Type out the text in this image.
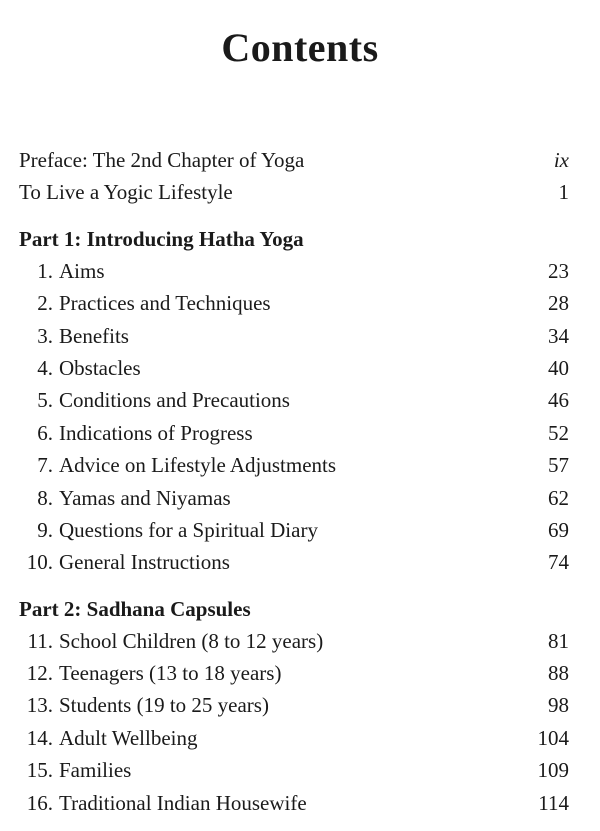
Contents
Preface: The 2nd Chapter of Yoga	ix
To Live a Yogic Lifestyle	1
Part 1: Introducing Hatha Yoga
1. Aims	23
2. Practices and Techniques	28
3. Benefits	34
4. Obstacles	40
5. Conditions and Precautions	46
6. Indications of Progress	52
7. Advice on Lifestyle Adjustments	57
8. Yamas and Niyamas	62
9. Questions for a Spiritual Diary	69
10. General Instructions	74
Part 2: Sadhana Capsules
11. School Children (8 to 12 years)	81
12. Teenagers (13 to 18 years)	88
13. Students (19 to 25 years)	98
14. Adult Wellbeing	104
15. Families	109
16. Traditional Indian Housewife	114
